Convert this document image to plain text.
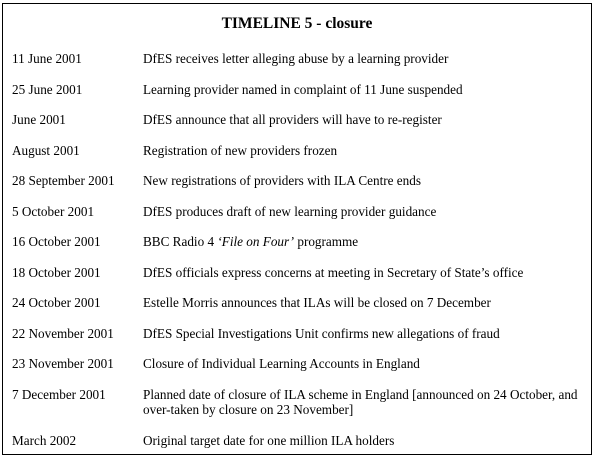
TIMELINE 5 - closure
11 June 2001	DfES receives letter alleging abuse by a learning provider
25 June 2001	Learning provider named in complaint of 11 June suspended
June 2001	DfES announce that all providers will have to re-register
August 2001	Registration of new providers frozen
28 September 2001	New registrations of providers with ILA Centre ends
5 October 2001	DfES produces draft of new learning provider guidance
16 October 2001	BBC Radio 4 ‘File on Four’ programme
18 October 2001	DfES officials express concerns at meeting in Secretary of State’s office
24 October 2001	Estelle Morris announces that ILAs will be closed on 7 December
22 November 2001	DfES Special Investigations Unit confirms new allegations of fraud
23 November 2001	Closure of Individual Learning Accounts in England
7 December 2001	Planned date of closure of ILA scheme in England [announced on 24 October, and over-taken by closure on 23 November]
March 2002	Original target date for one million ILA holders
